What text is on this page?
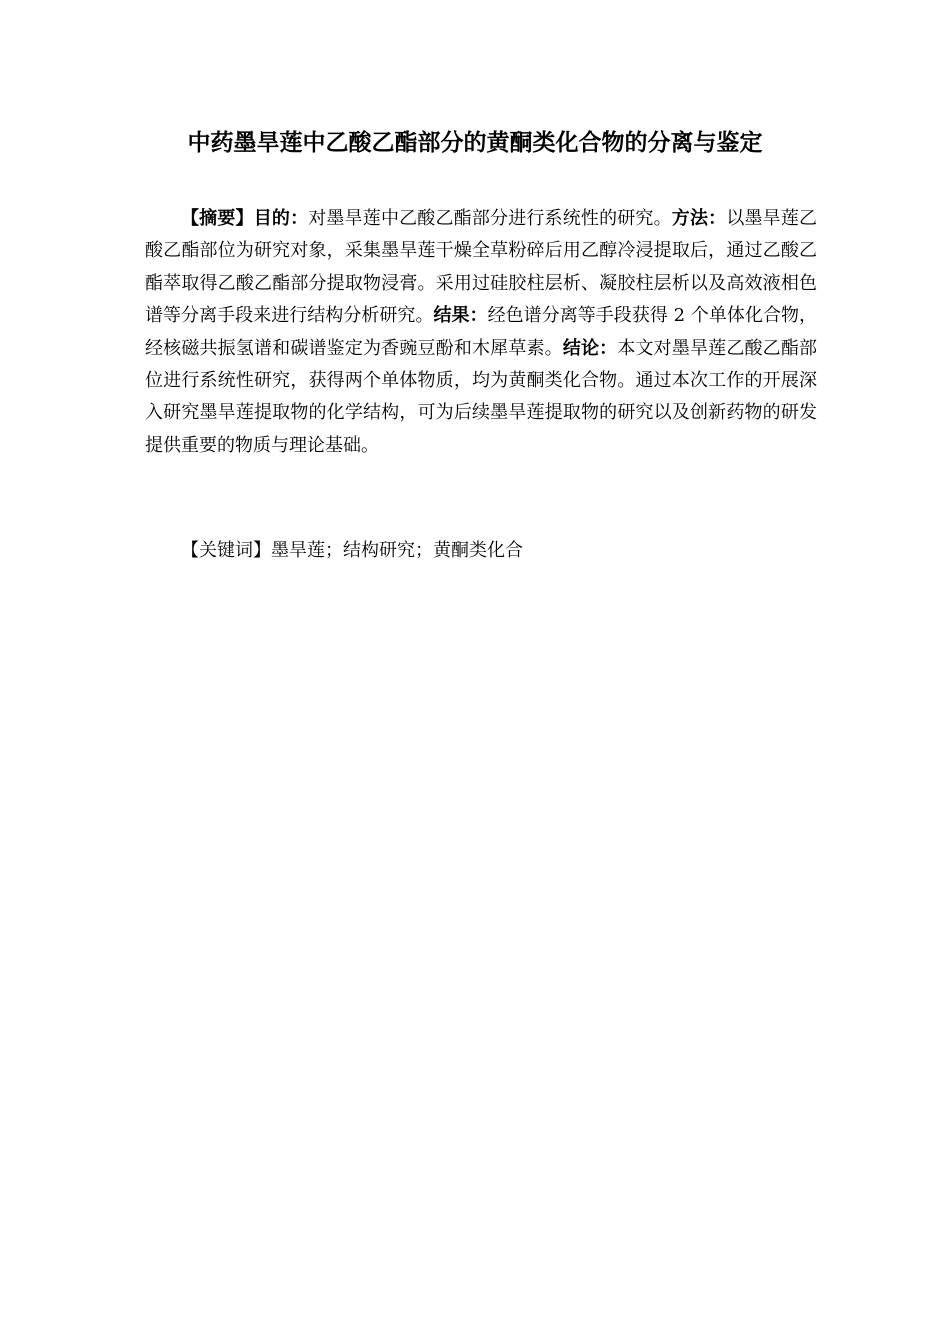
中药墨旱莲中乙酸乙酯部分的黄酮类化合物的分离与鉴定

【摘要】目的：对墨旱莲中乙酸乙酯部分进行系统性的研究。方法：以墨旱莲乙酸乙酯部位为研究对象，采集墨旱莲干燥全草粉碎后用乙醇冷浸提取后，通过乙酸乙酯萃取得乙酸乙酯部分提取物浸膏。采用过硅胶柱层析、凝胶柱层析以及高效液相色谱等分离手段来进行结构分析研究。结果：经色谱分离等手段获得 2 个单体化合物，经核磁共振氢谱和碳谱鉴定为香豌豆酚和木犀草素。结论：本文对墨旱莲乙酸乙酯部位进行系统性研究，获得两个单体物质，均为黄酮类化合物。通过本次工作的开展深入研究墨旱莲提取物的化学结构，可为后续墨旱莲提取物的研究以及创新药物的研发提供重要的物质与理论基础。

【关键词】墨旱莲；结构研究；黄酮类化合
